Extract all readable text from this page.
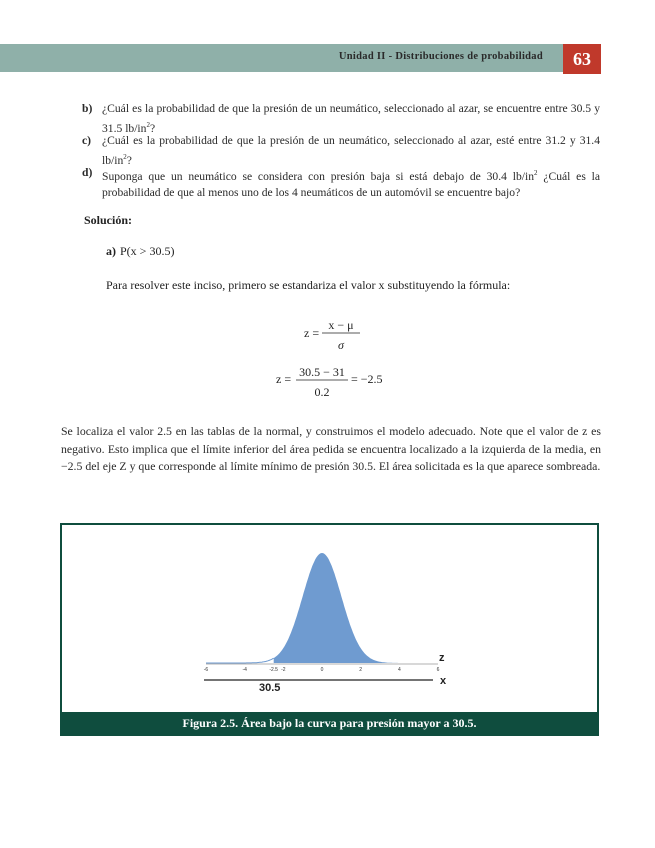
Unidad II - Distribuciones de probabilidad	63
b) ¿Cuál es la probabilidad de que la presión de un neumático, seleccionado al azar, se encuentre entre 30.5 y 31.5 $lb/in^2$?
c) ¿Cuál es la probabilidad de que la presión de un neumático, seleccionado al azar, esté entre 31.2 y 31.4 $lb/in^2$?
d) Suponga que un neumático se considera con presión baja si está debajo de 30.4 $lb/in^2$ ¿Cuál es la probabilidad de que al menos uno de los 4 neumáticos de un automóvil se encuentre bajo?
Solución:
a) P(x > 30.5)
Para resolver este inciso, primero se estandariza el valor x substituyendo la fórmula:
z =
x − μ
σ
z = 30.5 − 31
0.2
= −2.5
Se localiza el valor 2.5 en las tablas de la normal, y construimos el modelo adecuado. Note que el valor de z es negativo. Esto implica que el límite inferior del área pedida se encuentra localizado a la izquierda de la media, en −2.5 del eje Z y que corresponde al límite mínimo de presión 30.5. El área solicitada es la que aparece sombreada.
-6	-4	-2.5 -2	0	2	4	6
z
x
30.5
Figura 2.5. Área bajo la curva para presión mayor a 30.5.
